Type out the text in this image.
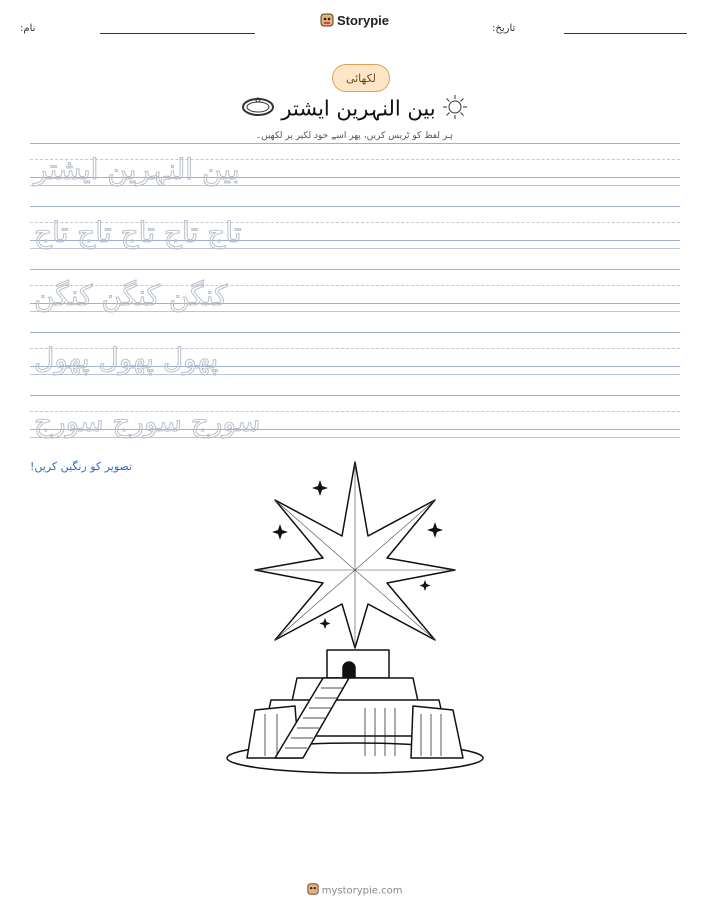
:نام
Storypie
:تاریخ
لکھائی
بین النہرین ایشتر
ہر لفظ کو ٹریس کریں، پھر اسے خود لکیر پر لکھیں۔
بین النہرین ایشتر
تاج تاج تاج تاج تاج
کنگن کنگن کنگن
پھول پھول پھول
سورج سورج سورج
تصویر کو رنگین کریں!
mystorypie.com
